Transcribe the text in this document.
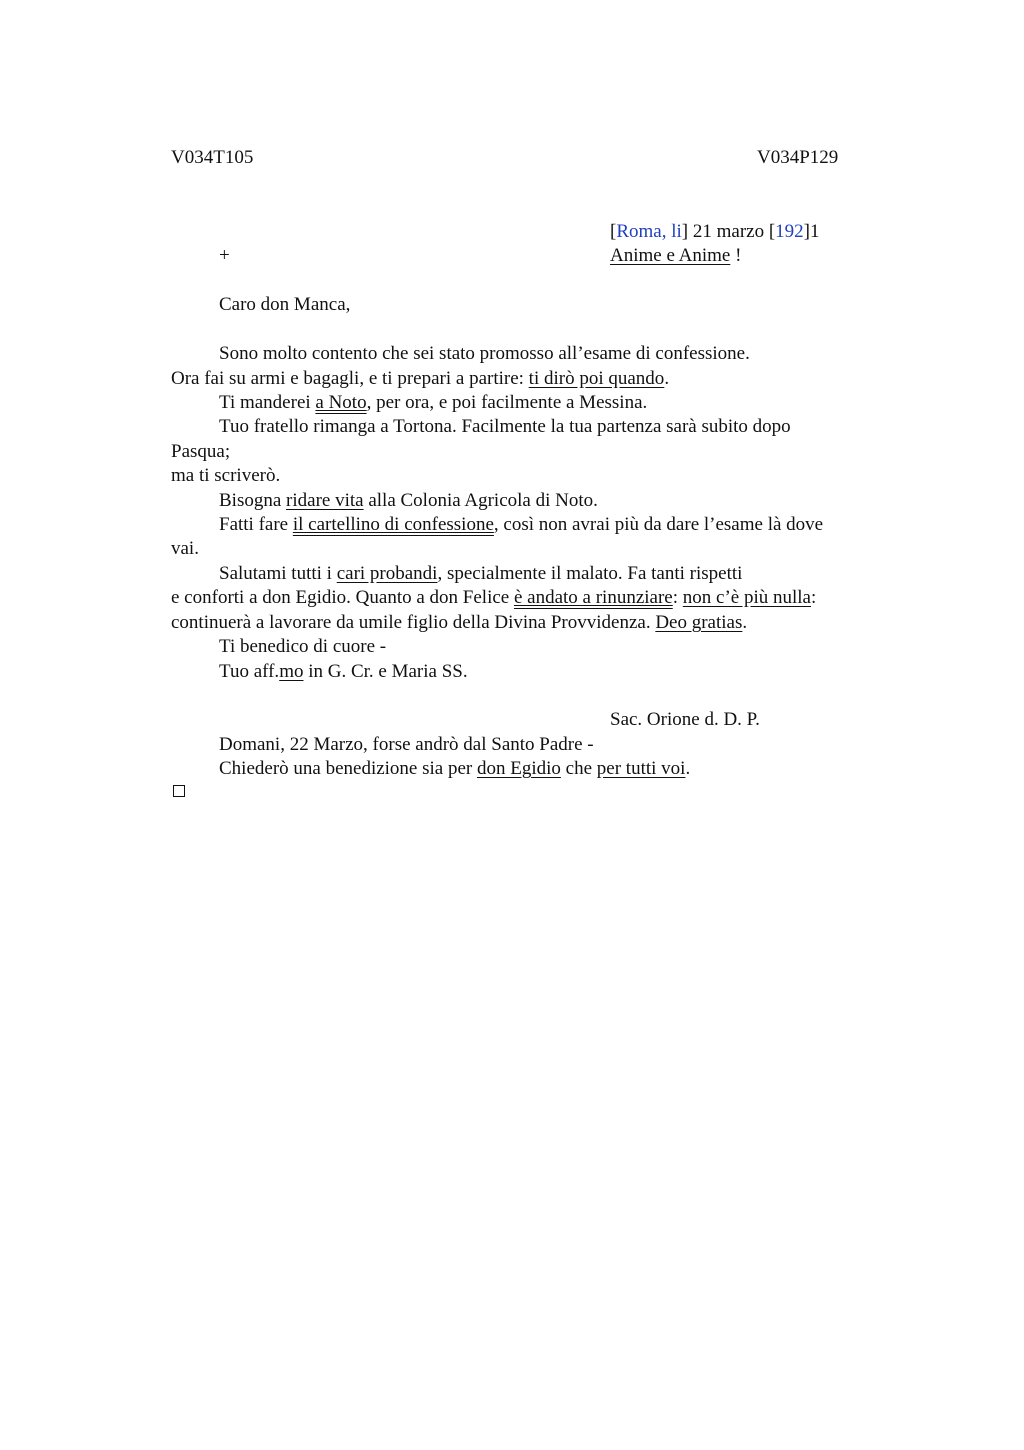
V034T105	V034P129
[Roma, li] 21 marzo [192]1
+	Anime e Anime !
Caro don Manca,
Sono molto contento che sei stato promosso all’esame di confessione.
Ora fai su armi e bagagli, e ti prepari a partire: ti dirò poi quando.
Ti manderei a Noto, per ora, e poi facilmente a Messina.
Tuo fratello rimanga a Tortona. Facilmente la tua partenza sarà subito dopo
Pasqua;
ma ti scriverò.
Bisogna ridare vita alla Colonia Agricola di Noto.
Fatti fare il cartellino di confessione, così non avrai più da dare l’esame là dove
vai.
Salutami tutti i cari probandi, specialmente il malato. Fa tanti rispetti
e conforti a don Egidio. Quanto a don Felice è andato a rinunziare: non c’è più nulla:
continuerà a lavorare da umile figlio della Divina Provvidenza. Deo gratias.
Ti benedico di cuore -
Tuo aff.mo in G. Cr. e Maria SS.
Sac. Orione d. D. P.
Domani, 22 Marzo, forse andrò dal Santo Padre -
Chiederò una benedizione sia per don Egidio che per tutti voi.
